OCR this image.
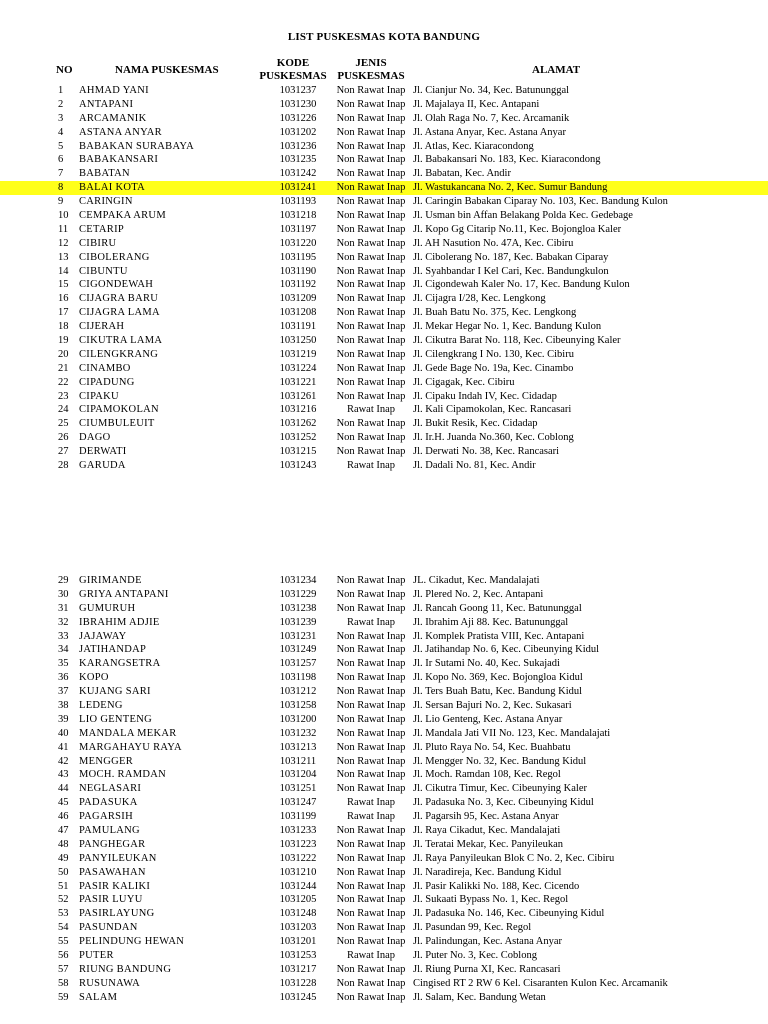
LIST PUSKESMAS KOTA BANDUNG
NO	NAMA PUSKESMAS
KODE
PUSKESMAS
JENIS
PUSKESMAS	ALAMAT
1 AHMAD YANI	1031237	Non Rawat Inap Jl. Cianjur No. 34, Kec. Batununggal
2 ANTAPANI	1031230	Non Rawat Inap Jl. Majalaya II, Kec. Antapani
3 ARCAMANIK	1031226	Non Rawat Inap Jl. Olah Raga No. 7, Kec. Arcamanik
4 ASTANA ANYAR	1031202	Non Rawat Inap Jl. Astana Anyar, Kec. Astana Anyar
5 BABAKAN SURABAYA	1031236	Non Rawat Inap Jl. Atlas, Kec. Kiaracondong
6 BABAKANSARI	1031235	Non Rawat Inap Jl. Babakansari No. 183, Kec. Kiaracondong
7 BABATAN	1031242	Non Rawat Inap Jl. Babatan, Kec. Andir
8 BALAI KOTA	1031241	Non Rawat Inap Jl. Wastukancana No. 2, Kec. Sumur Bandung
9 CARINGIN	1031193	Non Rawat Inap Jl. Caringin Babakan Ciparay No. 103, Kec. Bandung Kulon
10 CEMPAKA ARUM	1031218	Non Rawat Inap Jl. Usman bin Affan Belakang Polda Kec. Gedebage
11 CETARIP	1031197	Non Rawat Inap Jl. Kopo Gg Citarip No.11, Kec. Bojongloa Kaler
12 CIBIRU	1031220	Non Rawat Inap Jl. AH Nasution No. 47A, Kec. Cibiru
13 CIBOLERANG	1031195	Non Rawat Inap Jl. Cibolerang No. 187, Kec. Babakan Ciparay
14 CIBUNTU	1031190	Non Rawat Inap Jl. Syahbandar I Kel Cari, Kec. Bandungkulon
15 CIGONDEWAH	1031192	Non Rawat Inap Jl. Cigondewah Kaler No. 17, Kec. Bandung Kulon
16 CIJAGRA BARU	1031209	Non Rawat Inap Jl. Cijagra I/28, Kec. Lengkong
17 CIJAGRA LAMA	1031208	Non Rawat Inap Jl. Buah Batu No. 375, Kec. Lengkong
18 CIJERAH	1031191	Non Rawat Inap Jl. Mekar Hegar No. 1, Kec. Bandung Kulon
19 CIKUTRA LAMA	1031250	Non Rawat Inap Jl. Cikutra Barat No. 118, Kec. Cibeunying Kaler
20 CILENGKRANG	1031219	Non Rawat Inap Jl. Cilengkrang I No. 130, Kec. Cibiru
21 CINAMBO	1031224	Non Rawat Inap Jl. Gede Bage No. 19a, Kec. Cinambo
22 CIPADUNG	1031221	Non Rawat Inap Jl. Cigagak, Kec. Cibiru
23 CIPAKU	1031261	Non Rawat Inap Jl. Cipaku Indah IV, Kec. Cidadap
24 CIPAMOKOLAN	1031216	Rawat Inap	Jl. Kali Cipamokolan, Kec. Rancasari
25 CIUMBULEUIT	1031262	Non Rawat Inap Jl. Bukit Resik, Kec. Cidadap
26 DAGO	1031252	Non Rawat Inap Jl. Ir.H. Juanda No.360, Kec. Coblong
27 DERWATI	1031215	Non Rawat Inap Jl. Derwati No. 38, Kec. Rancasari
28 GARUDA	1031243	Rawat Inap	Jl. Dadali No. 81, Kec. Andir
29 GIRIMANDE	1031234	Non Rawat Inap JL. Cikadut, Kec. Mandalajati
30 GRIYA ANTAPANI	1031229	Non Rawat Inap Jl. Plered No. 2, Kec. Antapani
31 GUMURUH	1031238	Non Rawat Inap Jl. Rancah Goong 11, Kec. Batununggal
32 IBRAHIM ADJIE	1031239	Rawat Inap	Jl. Ibrahim Aji 88. Kec. Batununggal
33 JAJAWAY	1031231	Non Rawat Inap Jl. Komplek Pratista VIII, Kec. Antapani
34 JATIHANDAP	1031249	Non Rawat Inap Jl. Jatihandap No. 6, Kec. Cibeunying Kidul
35 KARANGSETRA	1031257	Non Rawat Inap Jl. Ir Sutami No. 40, Kec. Sukajadi
36 KOPO	1031198	Non Rawat Inap Jl. Kopo No. 369, Kec. Bojongloa Kidul
37 KUJANG SARI	1031212	Non Rawat Inap Jl. Ters Buah Batu, Kec. Bandung Kidul
38 LEDENG	1031258	Non Rawat Inap Jl. Sersan Bajuri No. 2, Kec. Sukasari
39 LIO GENTENG	1031200	Non Rawat Inap Jl. Lio Genteng, Kec. Astana Anyar
40 MANDALA MEKAR	1031232	Non Rawat Inap Jl. Mandala Jati VII No. 123, Kec. Mandalajati
41 MARGAHAYU RAYA	1031213	Non Rawat Inap Jl. Pluto Raya No. 54, Kec. Buahbatu
42 MENGGER	1031211	Non Rawat Inap Jl. Mengger No. 32, Kec. Bandung Kidul
43 MOCH. RAMDAN	1031204	Non Rawat Inap Jl. Moch. Ramdan 108, Kec. Regol
44 NEGLASARI	1031251	Non Rawat Inap Jl. Cikutra Timur, Kec. Cibeunying Kaler
45 PADASUKA	1031247	Rawat Inap	Jl. Padasuka No. 3, Kec. Cibeunying Kidul
46 PAGARSIH	1031199	Rawat Inap	Jl. Pagarsih 95, Kec. Astana Anyar
47 PAMULANG	1031233	Non Rawat Inap Jl. Raya Cikadut, Kec. Mandalajati
48 PANGHEGAR	1031223	Non Rawat Inap Jl. Teratai Mekar, Kec. Panyileukan
49 PANYILEUKAN	1031222	Non Rawat Inap Jl. Raya Panyileukan Blok C No. 2, Kec. Cibiru
50 PASAWAHAN	1031210	Non Rawat Inap Jl. Naradireja, Kec. Bandung Kidul
51 PASIR KALIKI	1031244	Non Rawat Inap Jl. Pasir Kalikki No. 188, Kec. Cicendo
52 PASIR LUYU	1031205	Non Rawat Inap Jl. Sukaati Bypass No. 1, Kec. Regol
53 PASIRLAYUNG	1031248	Non Rawat Inap Jl. Padasuka No. 146, Kec. Cibeunying Kidul
54 PASUNDAN	1031203	Non Rawat Inap Jl. Pasundan 99, Kec. Regol
55 PELINDUNG HEWAN	1031201	Non Rawat Inap Jl. Palindungan, Kec. Astana Anyar
56 PUTER	1031253	Rawat Inap	Jl. Puter No. 3, Kec. Coblong
57 RIUNG BANDUNG	1031217	Non Rawat Inap Jl. Riung Purna XI, Kec. Rancasari
58 RUSUNAWA	1031228	Non Rawat Inap Cingised RT 2 RW 6 Kel. Cisaranten Kulon Kec. Arcamanik
59 SALAM	1031245	Non Rawat Inap Jl. Salam, Kec. Bandung Wetan
